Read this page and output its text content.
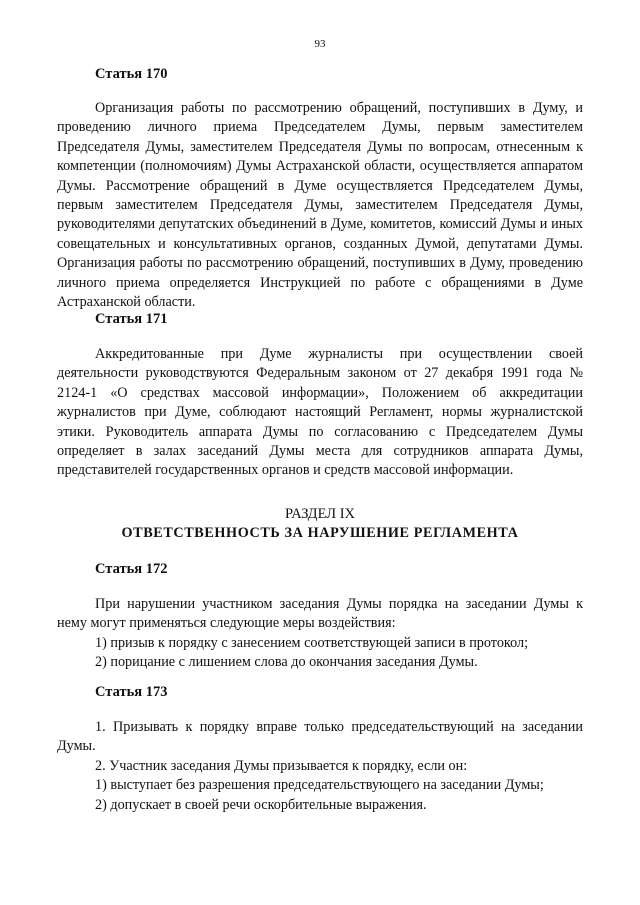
93
Статья 170

Организация работы по рассмотрению обращений, поступивших в Думу, и проведению личного приема Председателем Думы, первым заместителем Председателя Думы, заместителем Председателя Думы по вопросам, отнесенным к компетенции (полномочиям) Думы Астраханской области, осуществляется аппаратом Думы. Рассмотрение обращений в Думе осуществляется Председателем Думы, первым заместителем Председателя Думы, заместителем Председателя Думы, руководителями депутатских объединений в Думе, комитетов, комиссий Думы и иных совещательных и консультативных органов, созданных Думой, депутатами Думы. Организация работы по рассмотрению обращений, поступивших в Думу, проведению личного приема определяется Инструкцией по работе с обращениями в Думе Астраханской области.

Статья 171

Аккредитованные при Думе журналисты при осуществлении своей деятельности руководствуются Федеральным законом от 27 декабря 1991 года № 2124-1 «О средствах массовой информации», Положением об аккредитации журналистов при Думе, соблюдают настоящий Регламент, нормы журналистской этики. Руководитель аппарата Думы по согласованию с Председателем Думы определяет в залах заседаний Думы места для сотрудников аппарата Думы, представителей государственных органов и средств массовой информации.

РАЗДЕЛ IX
ОТВЕТСТВЕННОСТЬ ЗА НАРУШЕНИЕ РЕГЛАМЕНТА
Статья 172

При нарушении участником заседания Думы порядка на заседании Думы к нему могут применяться следующие меры воздействия:

1) призыв к порядку с занесением соответствующей записи в протокол;
2) порицание с лишением слова до окончания заседания Думы.
Статья 173

1. Призывать к порядку вправе только председательствующий на заседании Думы.

2. Участник заседания Думы призывается к порядку, если он:
1) выступает без разрешения председательствующего на заседании Думы;
2) допускает в своей речи оскорбительные выражения.
